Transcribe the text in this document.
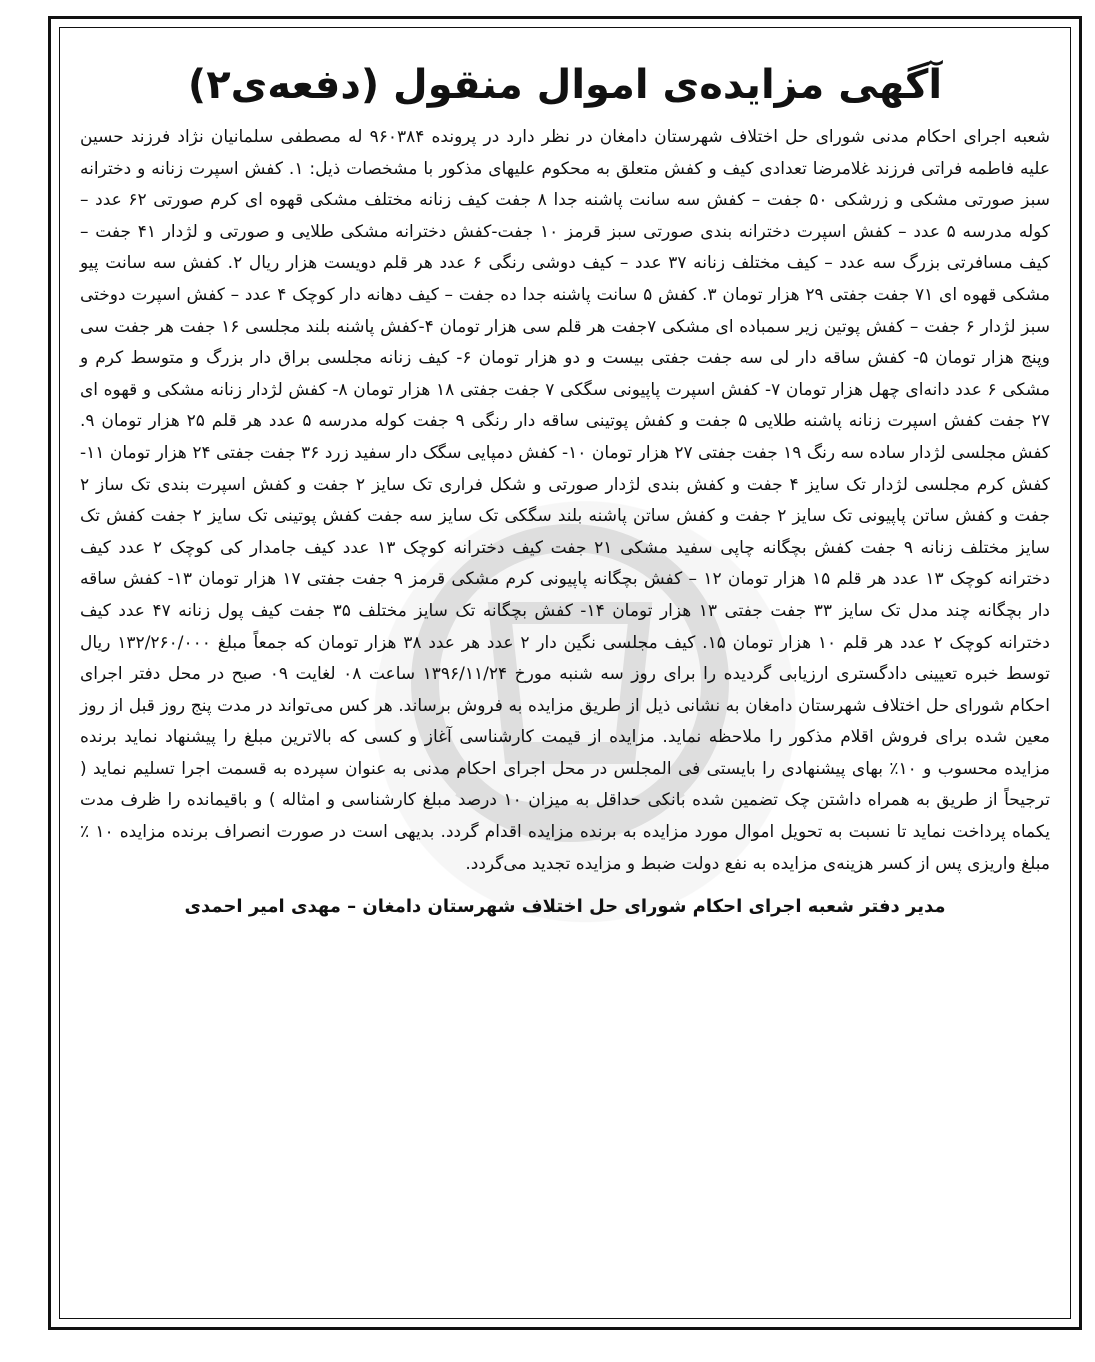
آگهی مزایده‌ی اموال منقول (دفعه‌ی۲)

شعبه اجرای احکام مدنی شورای حل اختلاف شهرستان دامغان در نظر دارد در پرونده ۹۶۰۳۸۴ له مصطفی سلمانیان نژاد فرزند حسین علیه فاطمه فراتی فرزند غلامرضا تعدادی کیف و کفش متعلق به محکوم علیهای مذکور با مشخصات ذیل: ۱. کفش اسپرت زنانه و دخترانه سبز صورتی مشکی و زرشکی ۵۰ جفت – کفش سه سانت پاشنه جدا ۸ جفت کیف زنانه مختلف مشکی قهوه ای کرم صورتی ۶۲ عدد – کوله مدرسه ۵ عدد – کفش اسپرت دخترانه بندی صورتی سبز قرمز ۱۰ جفت-کفش دخترانه مشکی طلایی و صورتی و لژدار ۴۱ جفت – کیف مسافرتی بزرگ سه عدد – کیف مختلف زنانه ۳۷ عدد – کیف دوشی رنگی ۶ عدد هر قلم دویست هزار ریال ۲. کفش سه سانت پیو مشکی قهوه ای ۷۱ جفت جفتی ۲۹ هزار تومان ۳. کفش ۵ سانت پاشنه جدا ده جفت – کیف دهانه دار کوچک ۴ عدد – کفش اسپرت دوختی سبز لژدار ۶ جفت – کفش پوتین زیر سمباده ای مشکی ۷جفت هر قلم سی هزار تومان ۴-کفش پاشنه بلند مجلسی ۱۶ جفت هر جفت سی وپنج هزار تومان ۵- کفش ساقه دار لی سه جفت جفتی بیست و دو هزار تومان ۶- کیف زنانه مجلسی براق دار بزرگ و متوسط کرم و مشکی ۶ عدد دانه‌ای چهل هزار تومان ۷- کفش اسپرت پاپیونی سگکی ۷ جفت جفتی ۱۸ هزار تومان ۸- کفش لژدار زنانه مشکی و قهوه ای ۲۷ جفت کفش اسپرت زنانه پاشنه طلایی ۵ جفت و کفش پوتینی ساقه دار رنگی ۹ جفت کوله مدرسه ۵ عدد هر قلم ۲۵ هزار تومان ۹. کفش مجلسی لژدار ساده سه رنگ ۱۹ جفت جفتی ۲۷ هزار تومان ۱۰- کفش دمپایی سگک دار سفید زرد ۳۶ جفت جفتی ۲۴ هزار تومان ۱۱- کفش کرم مجلسی لژدار تک سایز ۴ جفت و کفش بندی لژدار صورتی و شکل فراری تک سایز ۲ جفت و کفش اسپرت بندی تک ساز ۲ جفت و کفش ساتن پاپیونی تک سایز ۲ جفت و کفش ساتن پاشنه بلند سگکی تک سایز سه جفت کفش پوتینی تک سایز ۲ جفت کفش تک سایز مختلف زنانه ۹ جفت کفش بچگانه چاپی سفید مشکی ۲۱ جفت کیف دخترانه کوچک ۱۳ عدد کیف جامدار کی کوچک ۲ عدد کیف دخترانه کوچک ۱۳ عدد هر قلم ۱۵ هزار تومان ۱۲ – کفش بچگانه پاپیونی کرم مشکی قرمز ۹ جفت جفتی ۱۷ هزار تومان ۱۳- کفش ساقه دار بچگانه چند مدل تک سایز ۳۳ جفت جفتی ۱۳ هزار تومان ۱۴- کفش بچگانه تک سایز مختلف ۳۵ جفت کیف پول زنانه ۴۷ عدد کیف دخترانه کوچک ۲ عدد هر قلم ۱۰ هزار تومان ۱۵. کیف مجلسی نگین دار ۲ عدد هر عدد ۳۸ هزار تومان که جمعاً مبلغ ۱۳۲/۲۶۰/۰۰۰ ریال توسط خبره تعیینی دادگستری ارزیابی گردیده را برای روز سه شنبه مورخ ۱۳۹۶/۱۱/۲۴ ساعت ۰۸ لغایت ۰۹ صبح در محل دفتر اجرای احکام شورای حل اختلاف شهرستان دامغان به نشانی ذیل از طریق مزایده به فروش برساند. هر کس می‌تواند در مدت پنج روز قبل از روز معین شده برای فروش اقلام مذکور را ملاحظه نماید. مزایده از قیمت کارشناسی آغاز و کسی که بالاترین مبلغ را پیشنهاد نماید برنده مزایده محسوب و ۱۰٪ بهای پیشنهادی را بایستی فی المجلس در محل اجرای احکام مدنی به عنوان سپرده به قسمت اجرا تسلیم نماید ( ترجیحاً از طریق به همراه داشتن چک تضمین شده بانکی حداقل به میزان ۱۰ درصد مبلغ کارشناسی و امثاله ) و باقیمانده را ظرف مدت یکماه پرداخت نماید تا نسبت به تحویل اموال مورد مزایده به برنده مزایده اقدام گردد. بدیهی است در صورت انصراف برنده مزایده ۱۰ ٪ مبلغ واریزی پس از کسر هزینه‌ی مزایده به نفع دولت ضبط و مزایده تجدید می‌گردد.

مدیر دفتر شعبه اجرای احکام شورای حل اختلاف شهرستان دامغان – مهدی امیر احمدی
